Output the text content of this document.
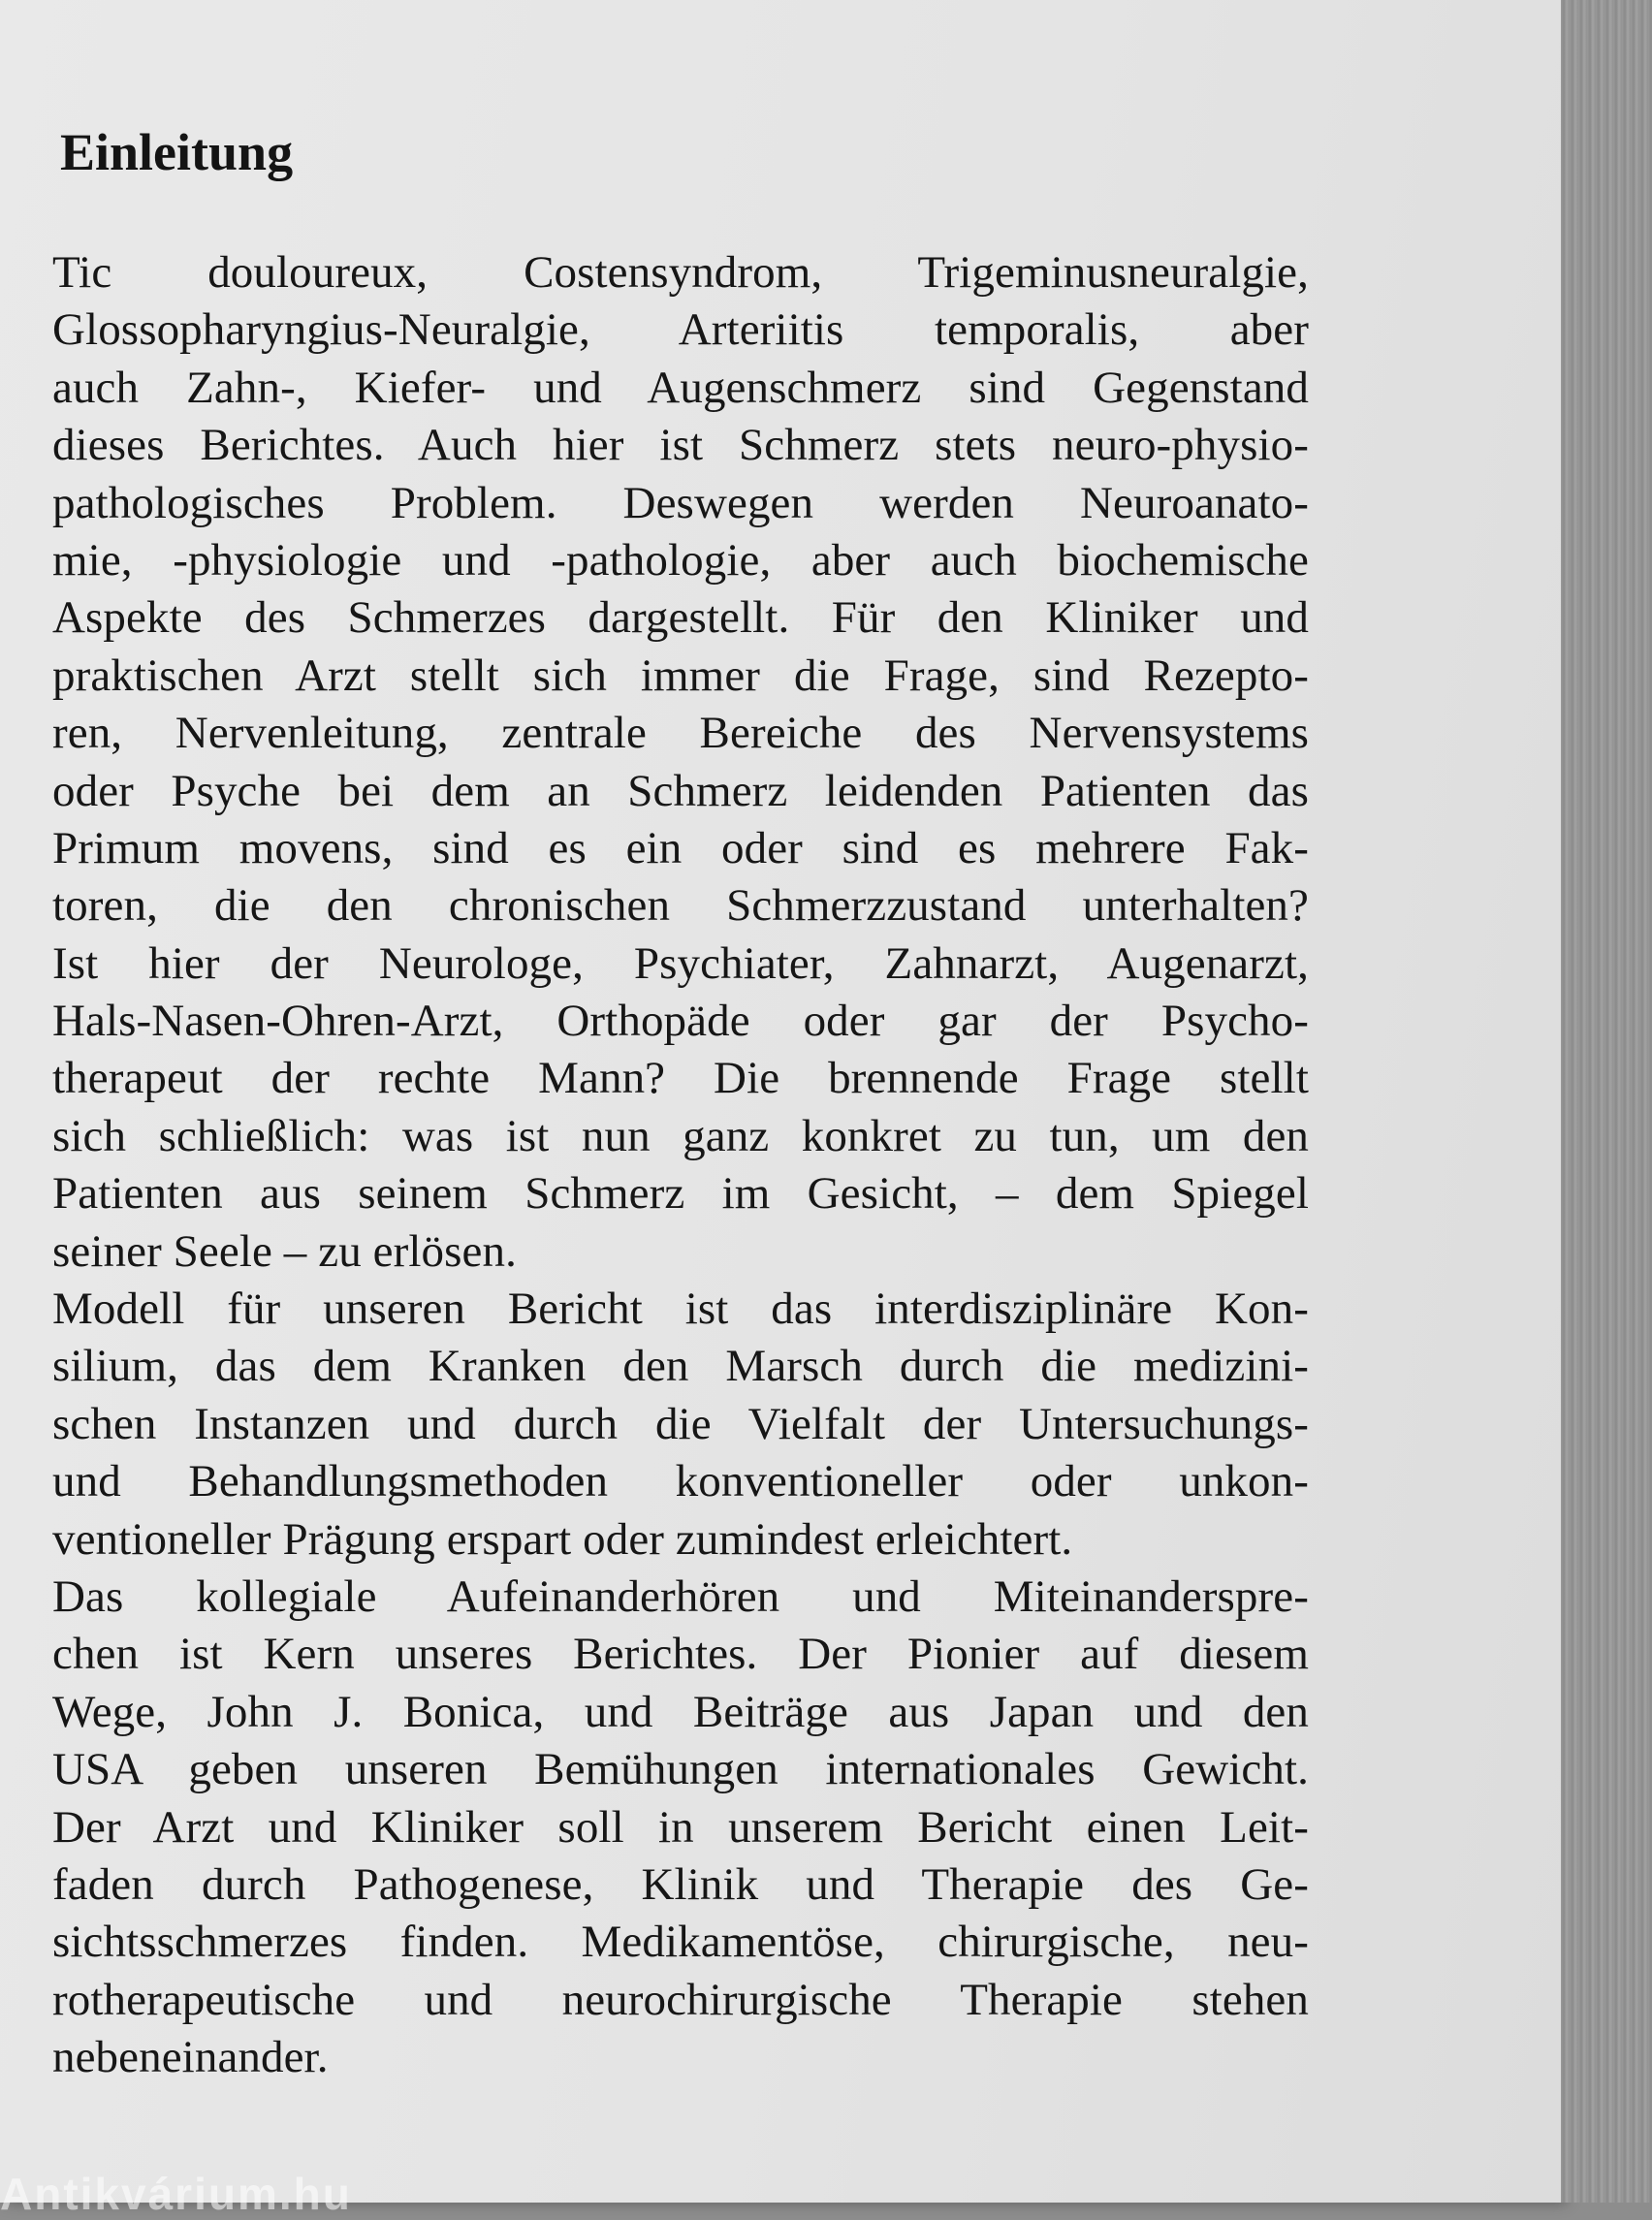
Einleitung
Tic douloureux, Costensyndrom, Trigeminusneuralgie,
Glossopharyngius-Neuralgie, Arteriitis temporalis, aber
auch Zahn-, Kiefer- und Augenschmerz sind Gegenstand
dieses Berichtes. Auch hier ist Schmerz stets neuro-physio-
pathologisches Problem. Deswegen werden Neuroanato-
mie, -physiologie und -pathologie, aber auch biochemische
Aspekte des Schmerzes dargestellt. Für den Kliniker und
praktischen Arzt stellt sich immer die Frage, sind Rezepto-
ren, Nervenleitung, zentrale Bereiche des Nervensystems
oder Psyche bei dem an Schmerz leidenden Patienten das
Primum movens, sind es ein oder sind es mehrere Fak-
toren, die den chronischen Schmerzzustand unterhalten?
Ist hier der Neurologe, Psychiater, Zahnarzt, Augenarzt,
Hals-Nasen-Ohren-Arzt, Orthopäde oder gar der Psycho-
therapeut der rechte Mann? Die brennende Frage stellt
sich schließlich: was ist nun ganz konkret zu tun, um den
Patienten aus seinem Schmerz im Gesicht, – dem Spiegel
seiner Seele – zu erlösen.
Modell für unseren Bericht ist das interdisziplinäre Kon-
silium, das dem Kranken den Marsch durch die medizini-
schen Instanzen und durch die Vielfalt der Untersuchungs-
und Behandlungsmethoden konventioneller oder unkon-
ventioneller Prägung erspart oder zumindest erleichtert.
Das kollegiale Aufeinanderhören und Miteinandersprе-
chen ist Kern unseres Berichtes. Der Pionier auf diesem
Wege, John J. Bonica, und Beiträge aus Japan und den
USA geben unseren Bemühungen internationales Gewicht.
Der Arzt und Kliniker soll in unserem Bericht einen Leit-
faden durch Pathogenese, Klinik und Therapie des Ge-
sichtsschmerzes finden. Medikamentöse, chirurgische, neu-
rotherapeutische und neurochirurgische Therapie stehen
nebeneinander.
Antikvárium.hu
